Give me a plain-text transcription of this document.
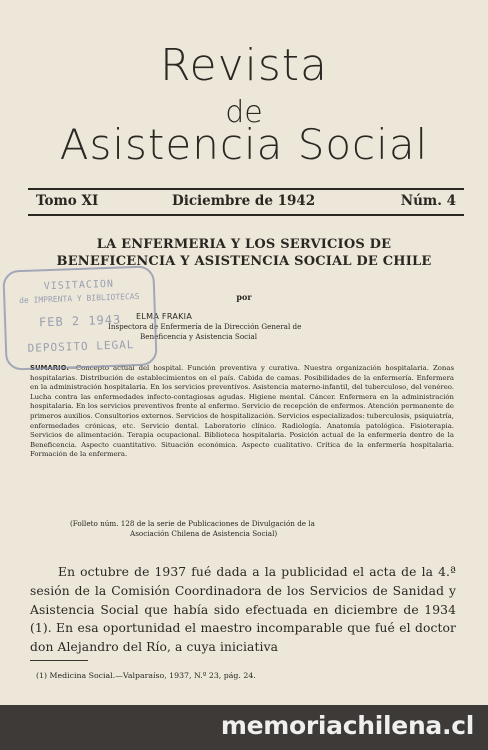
Revista
de
Asistencia Social
Tomo XI	Diciembre de 1942	Núm. 4
LA ENFERMERIA Y LOS SERVICIOS DE
BENEFICENCIA Y ASISTENCIA SOCIAL DE CHILE
por
ELMA FRAKIA
Inspectora de Enfermería de la Dirección General de
Beneficencia y Asistencia Social
SUMARIO.—Concepto actual del hospital. Función preventiva y curativa. Nuestra organización hospitalaria. Zonas hospitalarias. Distribución de establecimientos en el país. Cabida de camas. Posibilidades de la enfermería. Enfermera en la administración hospitalaria. En los servicios preventivos. Asistencia materno-infantil, del tuberculoso, del venéreo. Lucha contra las enfermedades infecto-contagiosas agudas. Higiene mental. Cáncer. Enfermera en la administración hospitalaria. En los servicios preventivos frente al enfermo. Servicio de recepción de enfermos. Atención permanente de primeros auxilios. Consultorios externos. Servicios de hospitalización. Servicios especializados: tuberculosis, psiquiatría, enfermedades crónicas, etc. Servicio dental. Laboratorio clínico. Radiología. Anatomía patológica. Fisioterapia. Servicios de alimentación. Terapia ocupacional. Biblioteca hospitalaria. Posición actual de la enfermería dentro de la Beneficencia. Aspecto cuantitativo. Situación económica. Aspecto cualitativo. Crítica de la enfermería hospitalaria. Formación de la enfermera.
(Folleto núm. 128 de la serie de Publicaciones de Divulgación de la
Asociación Chilena de Asistencia Social)
En octubre de 1937 fué dada a la publicidad el acta de la 4.ª sesión de la Comisión Coordinadora de los Servicios de Sanidad y Asistencia Social que había sido efectuada en diciembre de 1934 (1). En esa oportunidad el maestro incomparable que fué el doctor don Alejandro del Río, a cuya iniciativa
(1) Medicina Social.—Valparaíso, 1937, N.º 23, pág. 24.
VISITACION
de IMPRENTA Y BIBLIOTECAS
FEB 2 1943
DEPOSITO LEGAL
memoriachilena.cl
